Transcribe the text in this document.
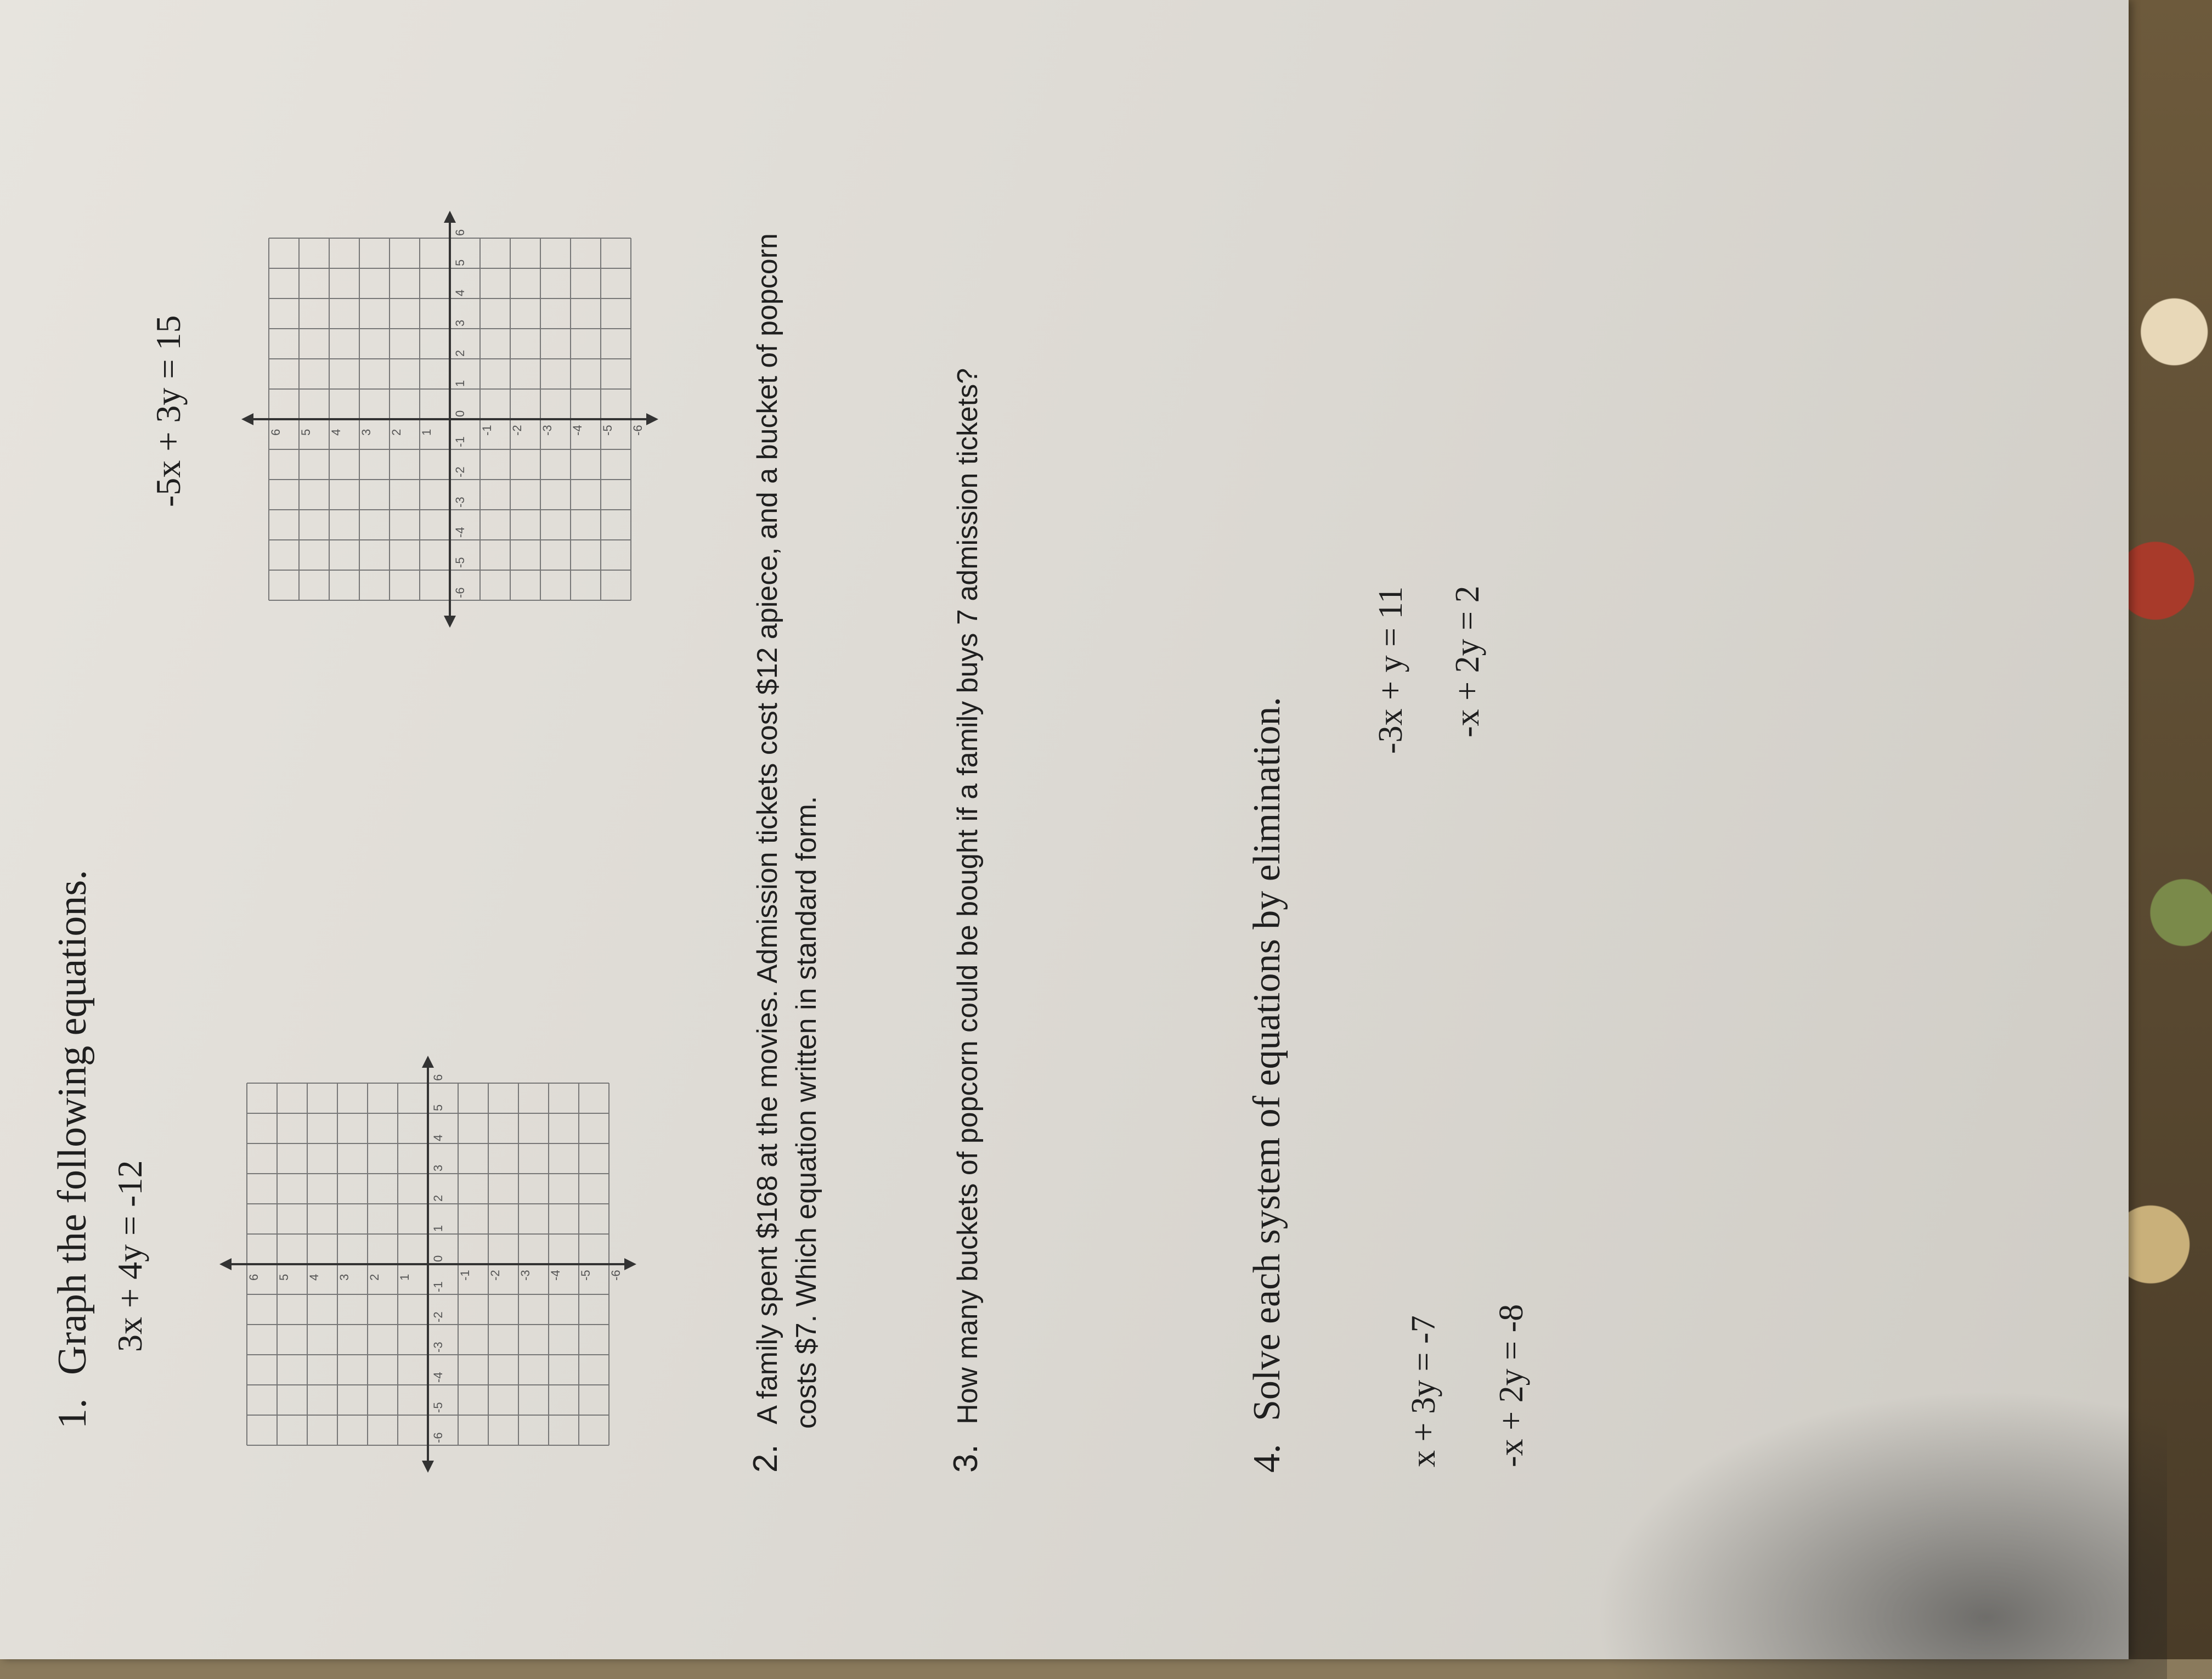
1. Graph the following equations. 3x + 4y = -12
-5x + 3y = 15
-6
-5
-4
-3
-2
-1
0
1
2
3
4
5
6
6 5 4 3 2 1	-1 -2 -3 -4 -5 -6
-6
-5
-4
-3
-2
-1
0
1
2
3
4
5
6
6 5 4 3 2 1	-1 -2 -3 -4 -5 -6
2. A family spent $168 at the movies. Admission tickets cost $12 apiece, and a bucket of popcorn costs $7. Which equation written in standard form.
3. How many buckets of popcorn could be bought if a family buys 7 admission tickets?
4. Solve each system of equations by elimination.	x + 3y = -7 -x + 2y = -8
-3x + y = 11 -x + 2y = 2
